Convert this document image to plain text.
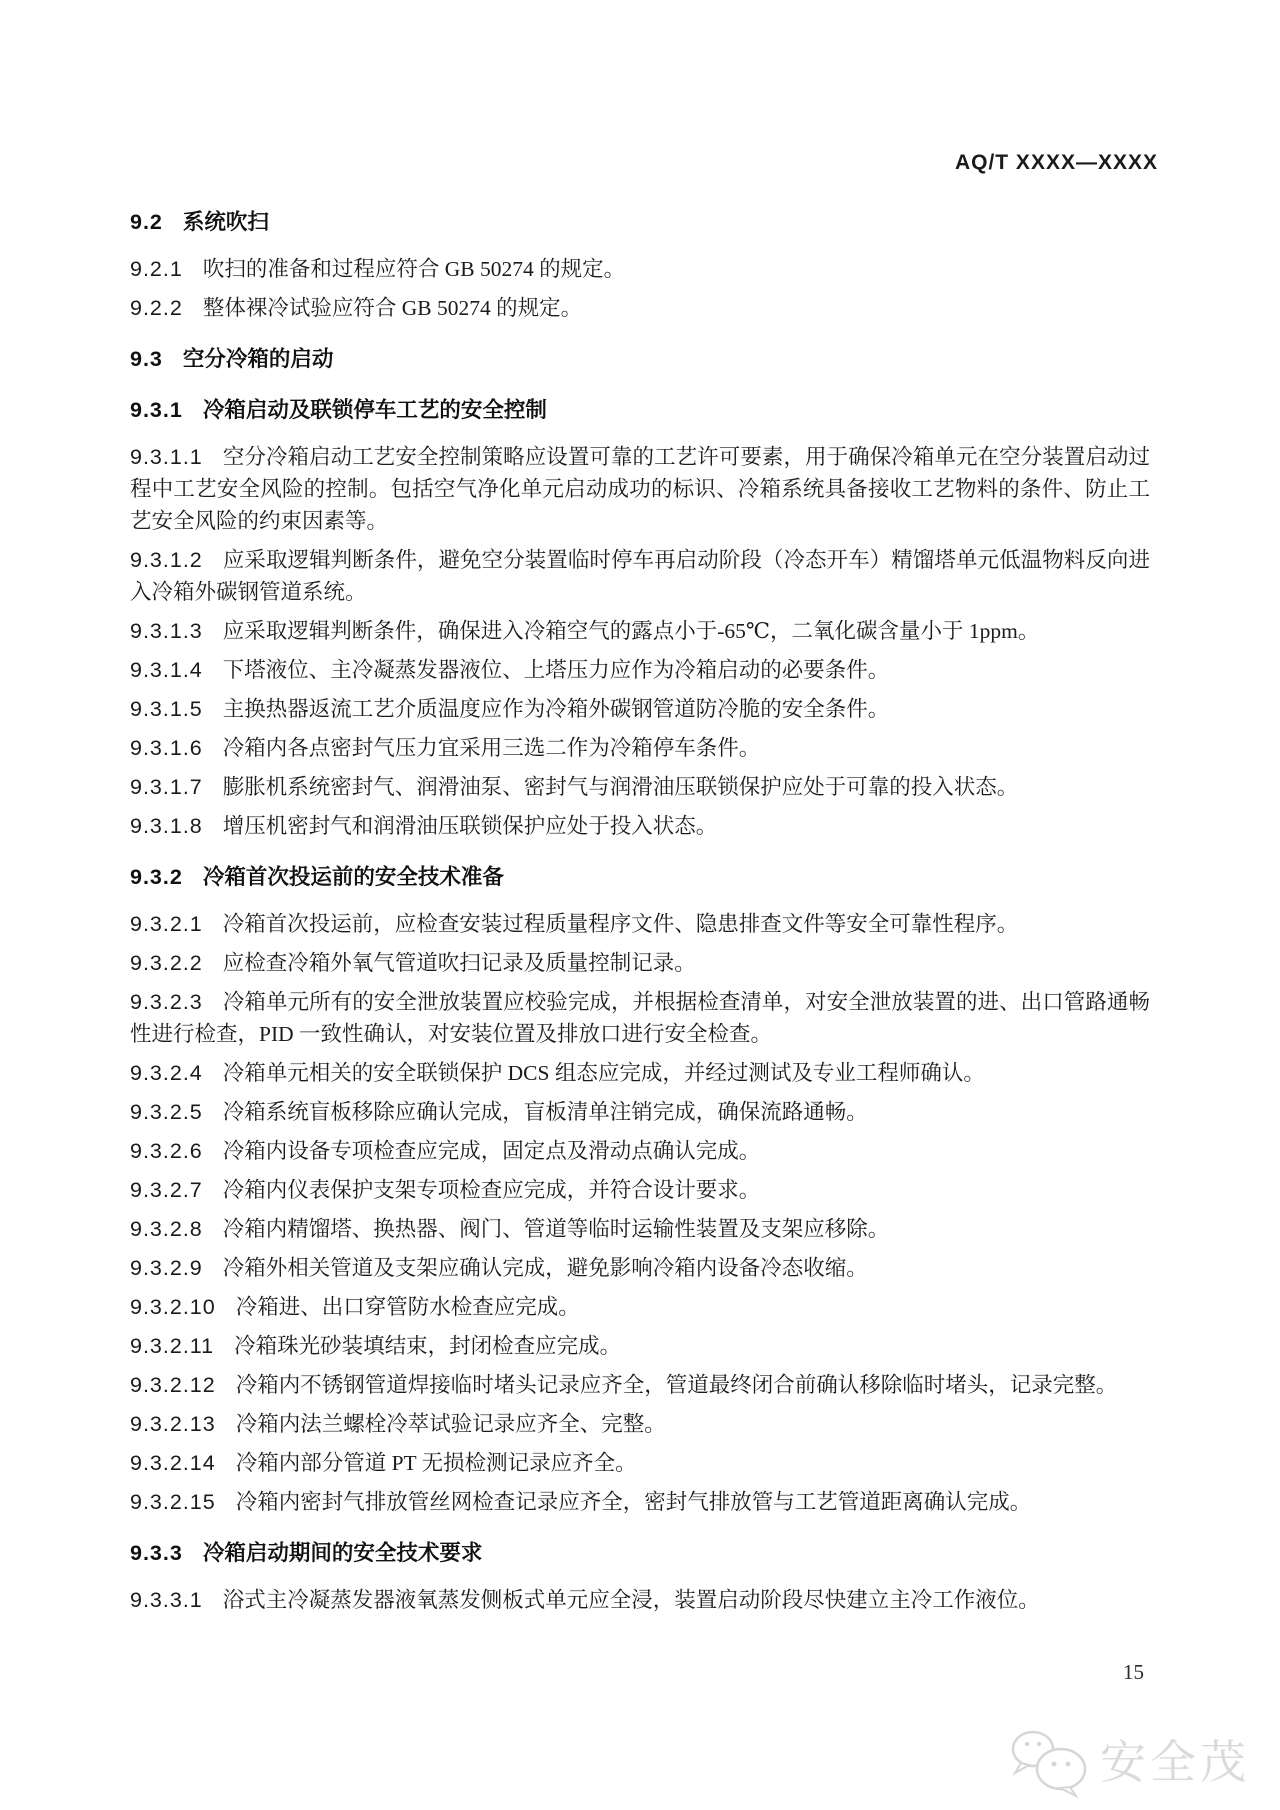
AQ/T XXXX—XXXX
9.2 系统吹扫
9.2.1 吹扫的准备和过程应符合 GB 50274 的规定。
9.2.2 整体裸冷试验应符合 GB 50274 的规定。
9.3 空分冷箱的启动
9.3.1 冷箱启动及联锁停车工艺的安全控制
9.3.1.1 空分冷箱启动工艺安全控制策略应设置可靠的工艺许可要素，用于确保冷箱单元在空分装置启动过程中工艺安全风险的控制。包括空气净化单元启动成功的标识、冷箱系统具备接收工艺物料的条件、防止工艺安全风险的约束因素等。
9.3.1.2 应采取逻辑判断条件，避免空分装置临时停车再启动阶段（冷态开车）精馏塔单元低温物料反向进入冷箱外碳钢管道系统。
9.3.1.3 应采取逻辑判断条件，确保进入冷箱空气的露点小于-65℃，二氧化碳含量小于 1ppm。
9.3.1.4 下塔液位、主冷凝蒸发器液位、上塔压力应作为冷箱启动的必要条件。
9.3.1.5 主换热器返流工艺介质温度应作为冷箱外碳钢管道防冷脆的安全条件。
9.3.1.6 冷箱内各点密封气压力宜采用三选二作为冷箱停车条件。
9.3.1.7 膨胀机系统密封气、润滑油泵、密封气与润滑油压联锁保护应处于可靠的投入状态。
9.3.1.8 增压机密封气和润滑油压联锁保护应处于投入状态。
9.3.2 冷箱首次投运前的安全技术准备
9.3.2.1 冷箱首次投运前，应检查安装过程质量程序文件、隐患排查文件等安全可靠性程序。
9.3.2.2 应检查冷箱外氧气管道吹扫记录及质量控制记录。
9.3.2.3 冷箱单元所有的安全泄放装置应校验完成，并根据检查清单，对安全泄放装置的进、出口管路通畅性进行检查，PID 一致性确认，对安装位置及排放口进行安全检查。
9.3.2.4 冷箱单元相关的安全联锁保护 DCS 组态应完成，并经过测试及专业工程师确认。
9.3.2.5 冷箱系统盲板移除应确认完成，盲板清单注销完成，确保流路通畅。
9.3.2.6 冷箱内设备专项检查应完成，固定点及滑动点确认完成。
9.3.2.7 冷箱内仪表保护支架专项检查应完成，并符合设计要求。
9.3.2.8 冷箱内精馏塔、换热器、阀门、管道等临时运输性装置及支架应移除。
9.3.2.9 冷箱外相关管道及支架应确认完成，避免影响冷箱内设备冷态收缩。
9.3.2.10 冷箱进、出口穿管防水检查应完成。
9.3.2.11 冷箱珠光砂装填结束，封闭检查应完成。
9.3.2.12 冷箱内不锈钢管道焊接临时堵头记录应齐全，管道最终闭合前确认移除临时堵头，记录完整。
9.3.2.13 冷箱内法兰螺栓冷萃试验记录应齐全、完整。
9.3.2.14 冷箱内部分管道 PT 无损检测记录应齐全。
9.3.2.15 冷箱内密封气排放管丝网检查记录应齐全，密封气排放管与工艺管道距离确认完成。
9.3.3 冷箱启动期间的安全技术要求
9.3.3.1 浴式主冷凝蒸发器液氧蒸发侧板式单元应全浸，装置启动阶段尽快建立主冷工作液位。
15
安全茂
